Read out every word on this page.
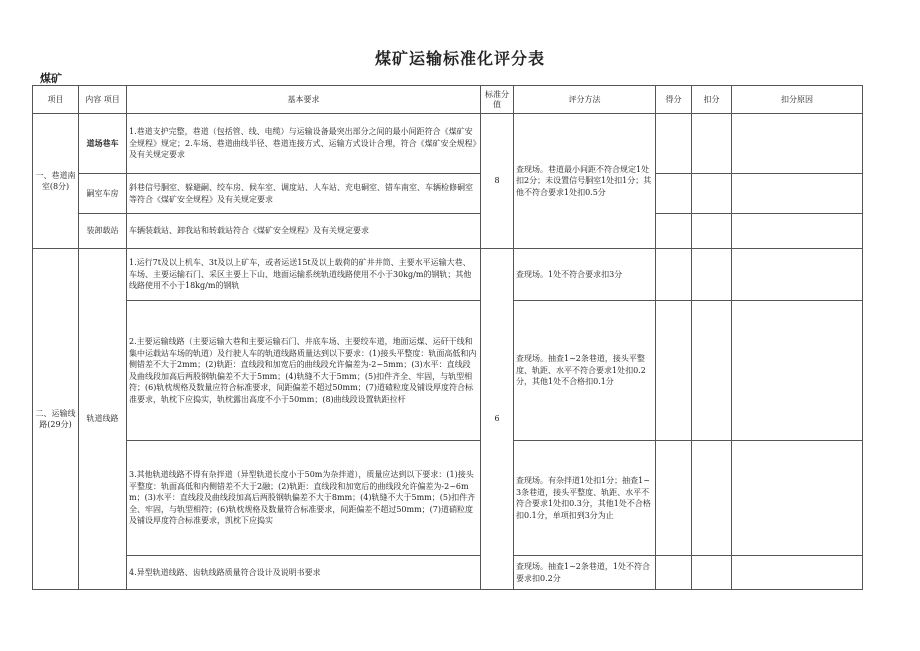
煤矿运输标准化评分表
煤矿
项目	内容 项目	基本要求	标准分值	评分方法	得分	扣分	扣分原因
一、巷道南室(8分)	道场巷车	1.巷道支护完整，巷道（包括管、线、电缆）与运输设备最突出部分之间的最小间距符合《煤矿安全规程》规定；2.车场、巷道曲线半径、巷道连接方式、运输方式设计合理，符合《煤矿安全规程》及有关规定要求	8	查现场。巷道最小间距不符合规定1处扣2分；未设置信号胴室1处扣1分；其他不符合要求1处扣0.5分			
	嗣室车房	斜巷信号胴室、躲避嗣、绞车房、候车室、调度站、人车站、充电硐室、错车南室、车辆检修硐室等符合《煤矿安全规程》及有关规定要求					
	装卸载站	车辆装载站、卸我站和转载站符合《煤矿安全规程》及有关规定要求					
二、运输线路(29分)	轨道线路	1.运行7t及以上机车、3t及以上矿车，或者运送15t及以上载荷的矿井井筒、主要水平运输大巷、车场、主要运输石门、采区主要上下山、地面运输系统轨道线路使用不小于30kg/m的钢轨；其他线路使用不小于18kg/m的钢轨	6	查现场。1处不符合要求扣3分			
		2.主要运输线路（主要运输大巷和主要运输石门、井底车场、主要绞车道，地面运煤、运矸干线和集中运载站车场的轨道）及行驶人车的轨道线路质量达到以下要求：(1)接头平整度：轨面高低和内侧错差不大于2mm；(2)轨距：直线段和加宽后的曲线段允许偏差为-2~5mm；(3)水平：直线段及曲线段加高后两股钢轨偏差不大于5mm；(4)轨缝不大于5mm；(5)扣件齐全、牢固，与轨型相符；(6)轨枕规格及数量应符合标准要求，间距偏差不超过50mm；(7)道碴粒度及铺设厚度符合标准要求，轨枕下应捣实，轨枕露出高度不小于50mm；(8)曲线段设置轨距拉杆		查现场。抽查1~2条巷道，接头平整度、轨距、水平不符合要求1处扣0.2分，其他1处不合格扣0.1分			
		3.其他轨道线路不得有杂拌道（异型轨道长度小于50m为杂拌道），质量应达到以下要求：(1)接头平整度：轨面高低和内侧错差不大于2融；(2)轨距：直线段和加宽后的曲线段允许偏差为-2~6mm；(3)水平：直线段及曲线段加高后两股钢轨偏差不大于8mm；(4)轨缝不大于5mm；(5)扣件齐全、牢固，与轨型相符；(6)轨枕规格及数量符合标准要求，间距偏差不超过50mm；(7)道硝粒度及铺设厚度符合标准要求，凯枕下应捣实		查现场。有杂拌道1处扣1分；抽查1~3条巷道，接头平整度、轨距、水平不符合要求1处扣0.3分，其他1处不合格扣0.1分，单项扣到3分为止			
		4.异型轨道线路、齿轨线路质量符合设计及说明书要求		查现场。抽查1~2条巷道，1处不符合要求扣0.2分			
